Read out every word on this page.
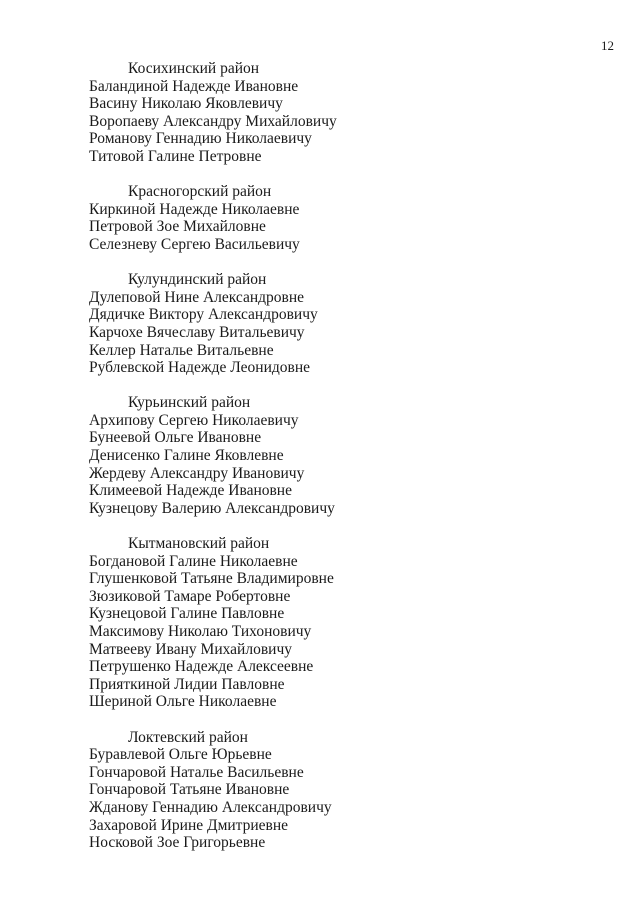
12
Косихинский район
Баландиной Надежде Ивановне
Васину Николаю Яковлевичу
Воропаеву Александру Михайловичу
Романову Геннадию Николаевичу
Титовой Галине Петровне
Красногорский район
Киркиной Надежде Николаевне
Петровой Зое Михайловне
Селезневу Сергею Васильевичу
Кулундинский район
Дулеповой Нине Александровне
Дядичке Виктору Александровичу
Карчохе Вячеславу Витальевичу
Келлер Наталье Витальевне
Рублевской Надежде Леонидовне
Курьинский район
Архипову Сергею Николаевичу
Бунеевой Ольге Ивановне
Денисенко Галине Яковлевне
Жердеву Александру Ивановичу
Климеевой Надежде Ивановне
Кузнецову Валерию Александровичу
Кытмановский район
Богдановой Галине Николаевне
Глушенковой Татьяне Владимировне
Зюзиковой Тамаре Робертовне
Кузнецовой Галине Павловне
Максимову Николаю Тихоновичу
Матвееву Ивану Михайловичу
Петрушенко Надежде Алексеевне
Прияткиной Лидии Павловне
Шериной Ольге Николаевне
Локтевский район
Буравлевой Ольге Юрьевне
Гончаровой Наталье Васильевне
Гончаровой Татьяне Ивановне
Жданову Геннадию Александровичу
Захаровой Ирине Дмитриевне
Носковой Зое Григорьевне
